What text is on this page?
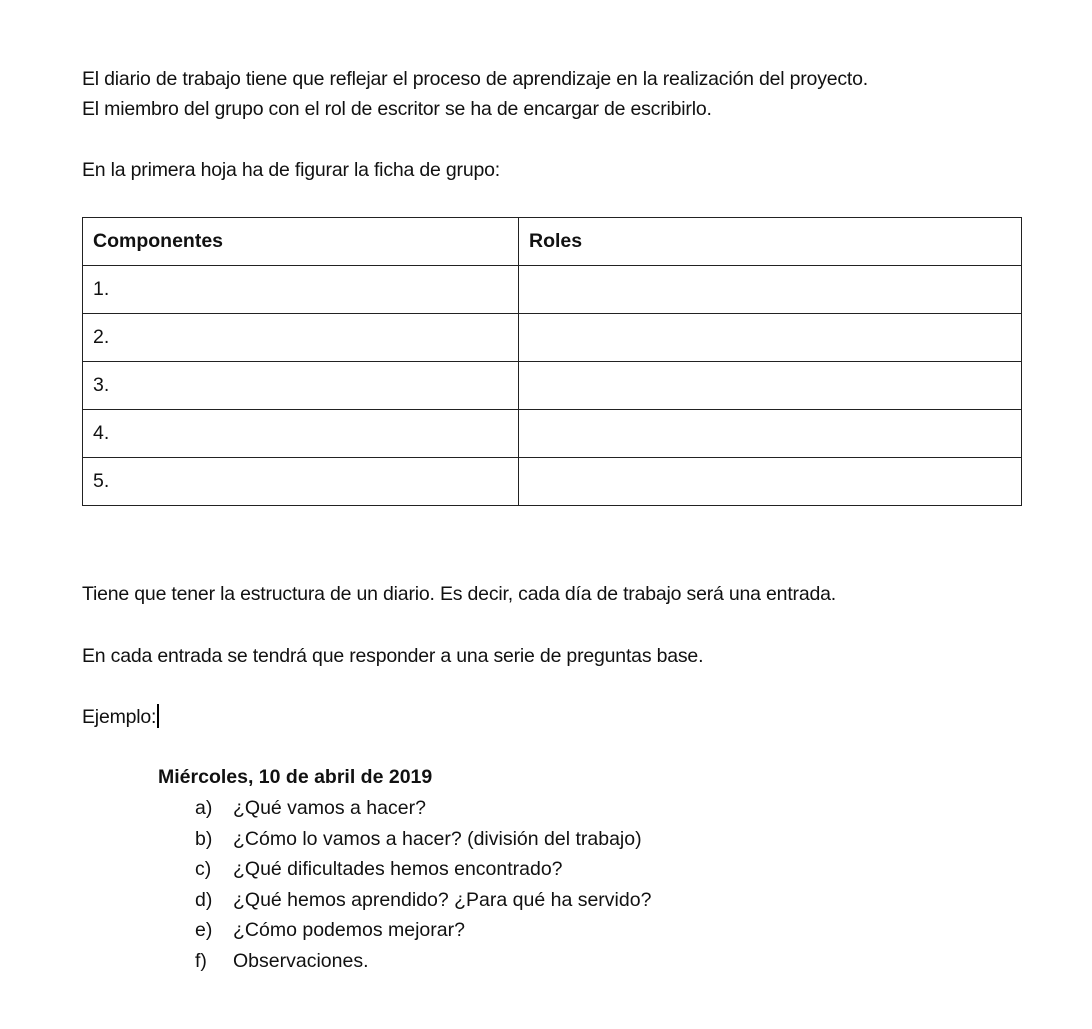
El diario de trabajo tiene que reflejar el proceso de aprendizaje en la realización del proyecto.
El miembro del grupo con el rol de escritor se ha de encargar de escribirlo.
En la primera hoja ha de figurar la ficha de grupo:
Componentes	Roles
1.	
2.	
3.	
4.	
5.	
Tiene que tener la estructura de un diario. Es decir, cada día de trabajo será una entrada.
En cada entrada se tendrá que responder a una serie de preguntas base.
Ejemplo:
Miércoles, 10 de abril de 2019
a) ¿Qué vamos a hacer?
b) ¿Cómo lo vamos a hacer? (división del trabajo)
c) ¿Qué dificultades hemos encontrado?
d) ¿Qué hemos aprendido? ¿Para qué ha servido?
e) ¿Cómo podemos mejorar?
f) Observaciones.
